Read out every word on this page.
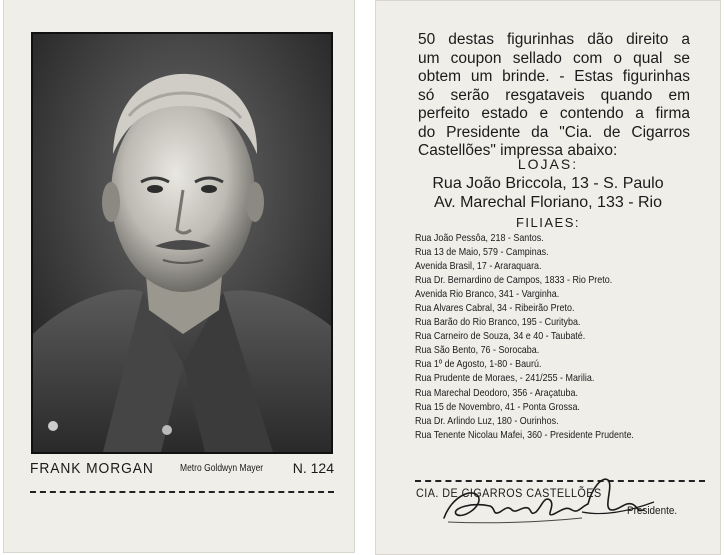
FRANK MORGAN	Metro Goldwyn Mayer N. 124
50 destas figurinhas dão direito a
um coupon sellado com o qual se
obtem um brinde. - Estas figurinhas
só serão resgataveis quando em
perfeito estado e contendo a firma
do Presidente da "Cia. de Cigarros
Castellões" impressa abaixo:
LOJAS:
Rua João Briccola, 13 - S. Paulo
Av. Marechal Floriano, 133 - Rio
FILIAES:
Rua João Pessôa, 218 - Santos.
Rua 13 de Maio, 579 - Campinas.
Avenida Brasil, 17 - Araraquara.
Rua Dr. Bernardino de Campos, 1833 - Rio Preto.
Avenida Rio Branco, 341 - Varginha.
Rua Alvares Cabral, 34 - Ribeirão Preto.
Rua Barão do Rio Branco, 195 - Curityba.
Rua Carneiro de Souza, 34 e 40 - Taubaté.
Rua São Bento, 76 - Sorocaba.
Rua 1º de Agosto, 1-80 - Baurú.
Rua Prudente de Moraes, - 241/255 - Marilia.
Rua Marechal Deodoro, 356 - Araçatuba.
Rua 15 de Novembro, 41 - Ponta Grossa.
Rua Dr. Arlindo Luz, 180 - Ourinhos.
Rua Tenente Nicolau Mafei, 360 - Presidente Prudente.
CIA. DE CIGARROS CASTELLÕES
Presidente.
